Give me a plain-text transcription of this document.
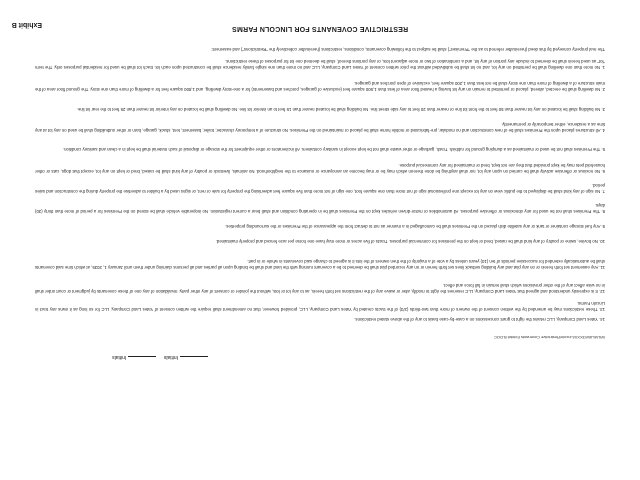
Exhibit B
RESTRICTIVE COVENANTS FOR LINCOLN FARMS
The real property conveyed by this deed (hereinafter referred to as the "Premises") shall be subject to the following covenants, conditions, restrictions (hereinafter collectively the "Restrictions") and easement:
1. No more than one dwelling shall be permitted on any lot, and no lot shall be subdivided without the prior written consent of Yates Land Company, LLC and no more than one single family residence shall be constructed upon each lot. Each lot shall be used for residential purposes only. The term "lot" as used herein shall be deemed to include any portion of any lot, and a combination of two or more adjacent lots, or any portions thereof, shall be deemed one lot for purposes of these restrictions.
2. No dwelling shall be erected, altered, placed or permitted to remain on any lot having a heated floor area of less than 1,500 square feet (exclusive of garages, porches and basements) for a one-story dwelling, and 1,800 square feet for a dwelling of more than one story. The ground floor area of the main structure of a dwelling of more than one story shall be not less than 1,200 square feet, exclusive of open porches and garages.
3. No building shall be located on any lot nearer than 50 feet to the front lot line or nearer than 20 feet to any side street line. No building shall be located nearer than 15 feet to an interior lot line. No dwelling shall be located on any interior lot nearer than 25 feet to the rear lot line.
4. All structures placed upon the Premises shall be of new construction and no modular, pre-fabricated or mobile home shall be placed or maintained on the Premises. No structure of a temporary character, trailer, basement, tent, shack, garage, barn or other outbuilding shall be used on any lot at any time as a residence, either temporarily or permanently.
5. The Premises shall not be used or maintained as a dumping ground for rubbish. Trash, garbage or other waste shall not be kept except in sanitary containers. All incinerators or other equipment for the storage or disposal of such material shall be kept in a clean and sanitary condition.
6. No noxious or offensive activity shall be carried on upon any lot, nor shall anything be done thereon which may be or may become an annoyance or nuisance to the neighborhood. No animals, livestock or poultry of any kind shall be raised, bred or kept on any lot, except that dogs, cats or other household pets may be kept provided that they are not kept, bred or maintained for any commercial purpose.
7. No sign of any kind shall be displayed to the public view on any lot except one professional sign of not more than one square foot, one sign of not more than five square feet advertising the property for sale or rent, or signs used by a builder to advertise the property during the construction and sales period.
8. The Premises shall not be used for any obnoxious or offensive purposes. All automobiles or motor-driven vehicles kept on the Premises shall be in operating condition and shall bear a current registration. No inoperable vehicle shall be stored on the Premises for a period of more than thirty (30) days.
9. Any fuel storage container or tank or any satellite dish placed on the Premises shall be camouflaged in a manner as not to detract from the appearance of the Premises or the surrounding properties.
10. No bovine, swine or poultry of any kind shall be raised, bred or kept on the premises for commercial purposes. Tracts of five acres or more may have one horse per acre fenced and properly maintained.
11. Any easement set forth herein or on any plat and any building setback lines set forth herein or on any recorded plat shall be deemed to be a covenant running with the land and shall be binding upon all parties and all persons claiming under them until January 1, 2035, at which time said covenants shall be automatically extended for successive periods of ten (10) years unless by a vote of a majority of the then owners of the lots it is agreed to change said covenants in whole or in part.
12. It is expressly understood and agreed that Yates Land Company, LLC reserves the right to modify, alter or waive any of the restrictions set forth herein, as to any lot or lots, without the joinder or consent of any other party. Invalidation of any one of these covenants by judgment or court order shall in no wise affect any of the other provisions which shall remain in full force and effect.
13. These restrictions may be amended by the written consent of the owners of more than two-thirds (2/3) of the tracts created by Yates Land Company, LLC, provided however, that no amendment shall require the written consent of Yates Land Company, LLC for so long as it owns any tract in Lincoln Farms.
14. Yates Land Company, LLC retains the right to grant concessions on a case-by-case basis to any of the above stated restrictions.
WILMLAW/3XXX/Lincoln\Restrictive Covenants Exhibit B.DOC
Initials    Initials
